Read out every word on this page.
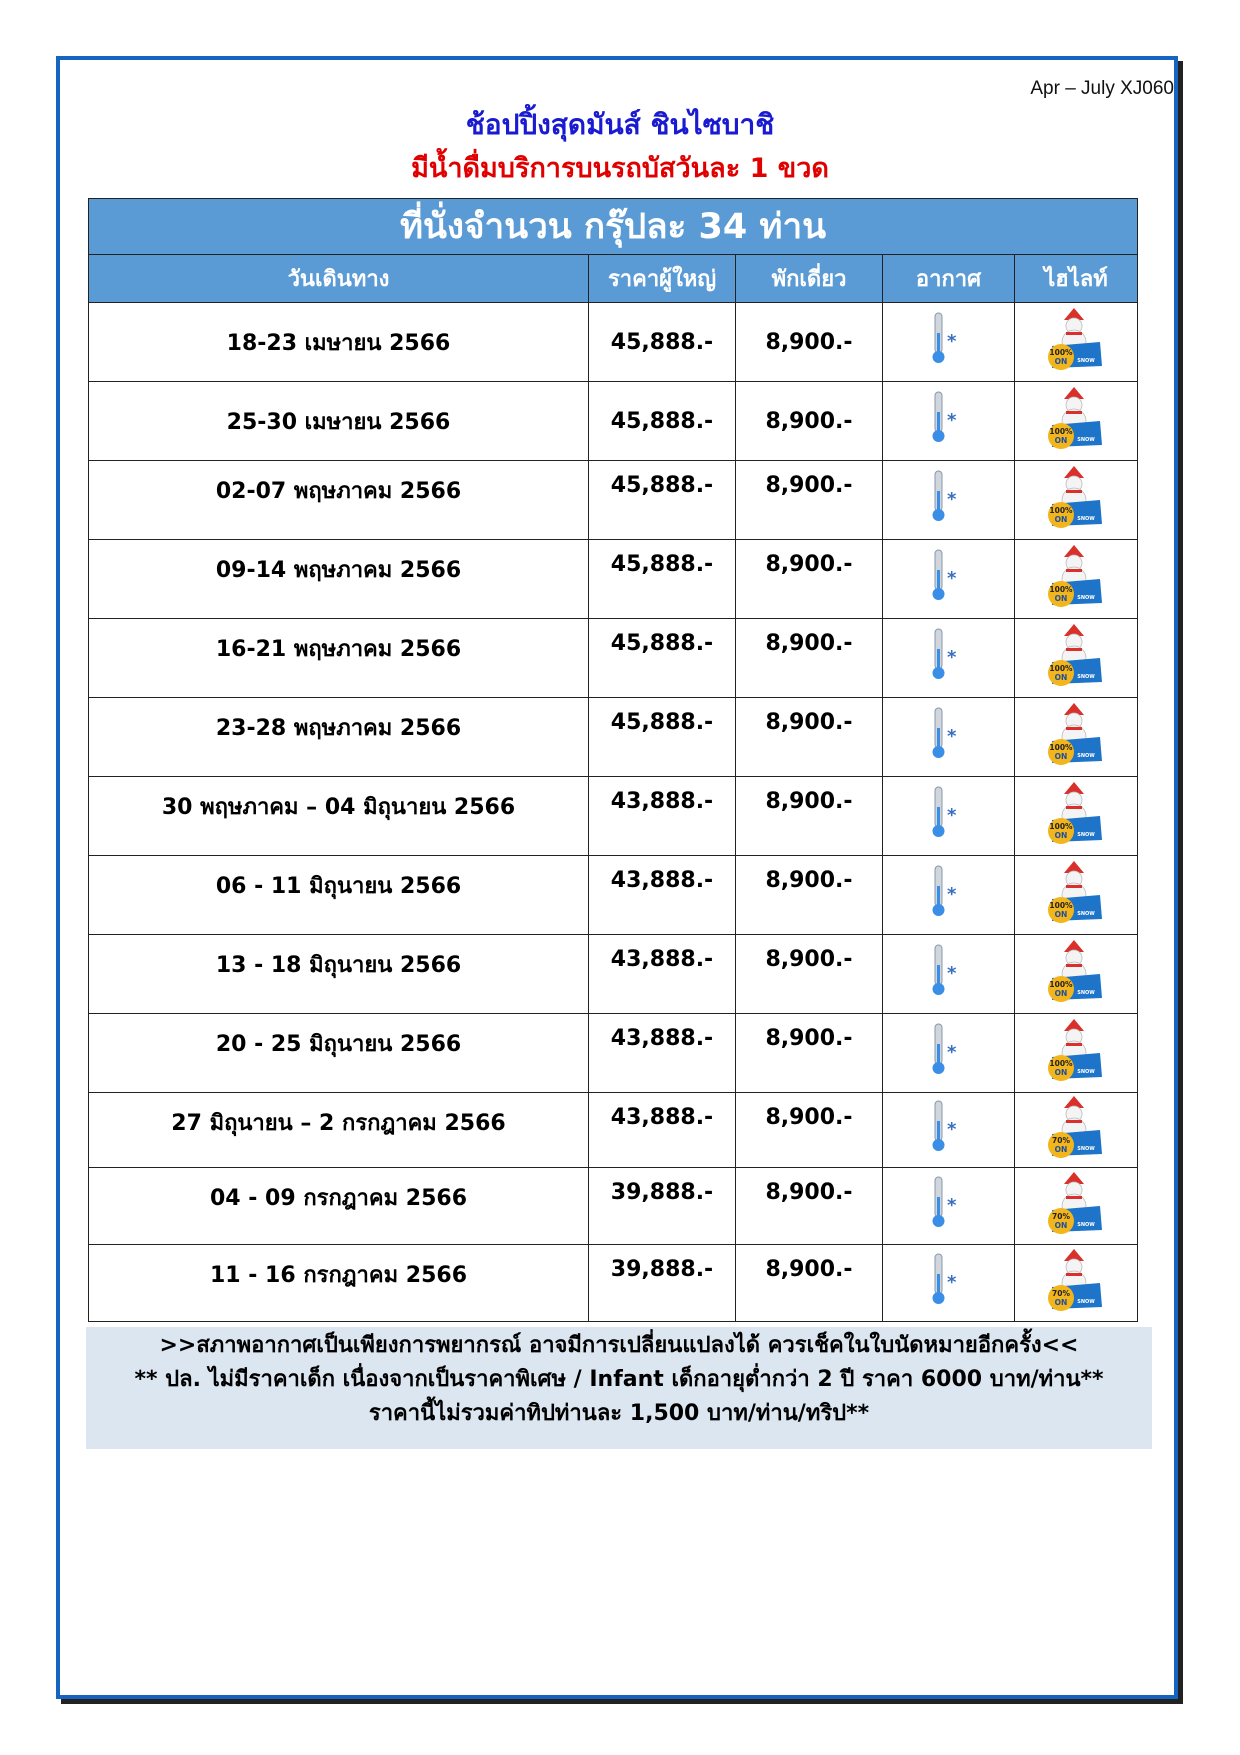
Apr – July XJ060
ช้อปปิ้งสุดมันส์ ชินไซบาชิ
มีน้ำดื่มบริการบนรถบัสวันละ 1 ขวด
ที่นั่งจำนวน กรุ๊ปละ 34 ท่าน				
วันเดินทาง	ราคาผู้ใหญ่	พักเดี่ยว	อากาศ	ไฮไลท์

18-23 เมษายน 2566	45,888.-	8,900.-	*	100%
ON SNOW

25-30 เมษายน 2566	45,888.-	8,900.-	*	100%
ON SNOW

02-07 พฤษภาคม 2566	45,888.-	8,900.-	*	100%
ON SNOW

09-14 พฤษภาคม 2566	45,888.-	8,900.-	*	100%
ON SNOW

16-21 พฤษภาคม 2566	45,888.-	8,900.-	*	100%
ON SNOW

23-28 พฤษภาคม 2566	45,888.-	8,900.-	*	100%
ON SNOW

30 พฤษภาคม – 04 มิถุนายน 2566	43,888.-	8,900.-	*	100%
ON SNOW

06 - 11 มิถุนายน 2566	43,888.-	8,900.-	*	100%
ON SNOW

13 - 18 มิถุนายน 2566	43,888.-	8,900.-	*	100%
ON SNOW

20 - 25 มิถุนายน 2566	43,888.-	8,900.-	*	100%
ON SNOW

27 มิถุนายน – 2 กรกฎาคม 2566	43,888.-	8,900.-	*	70%
ON SNOW

04 - 09 กรกฎาคม 2566	39,888.-	8,900.-	*	70%
ON SNOW

11 - 16 กรกฎาคม 2566	39,888.-	8,900.-	*	70%
ON SNOW
>>สภาพอากาศเป็นเพียงการพยากรณ์ อาจมีการเปลี่ยนแปลงได้ ควรเช็คในใบนัดหมายอีกครั้ง<<
** ปล. ไม่มีราคาเด็ก เนื่องจากเป็นราคาพิเศษ / Infant เด็กอายุต่ำกว่า 2 ปี ราคา 6000 บาท/ท่าน**
ราคานี้ไม่รวมค่าทิปท่านละ 1,500 บาท/ท่าน/ทริป**
